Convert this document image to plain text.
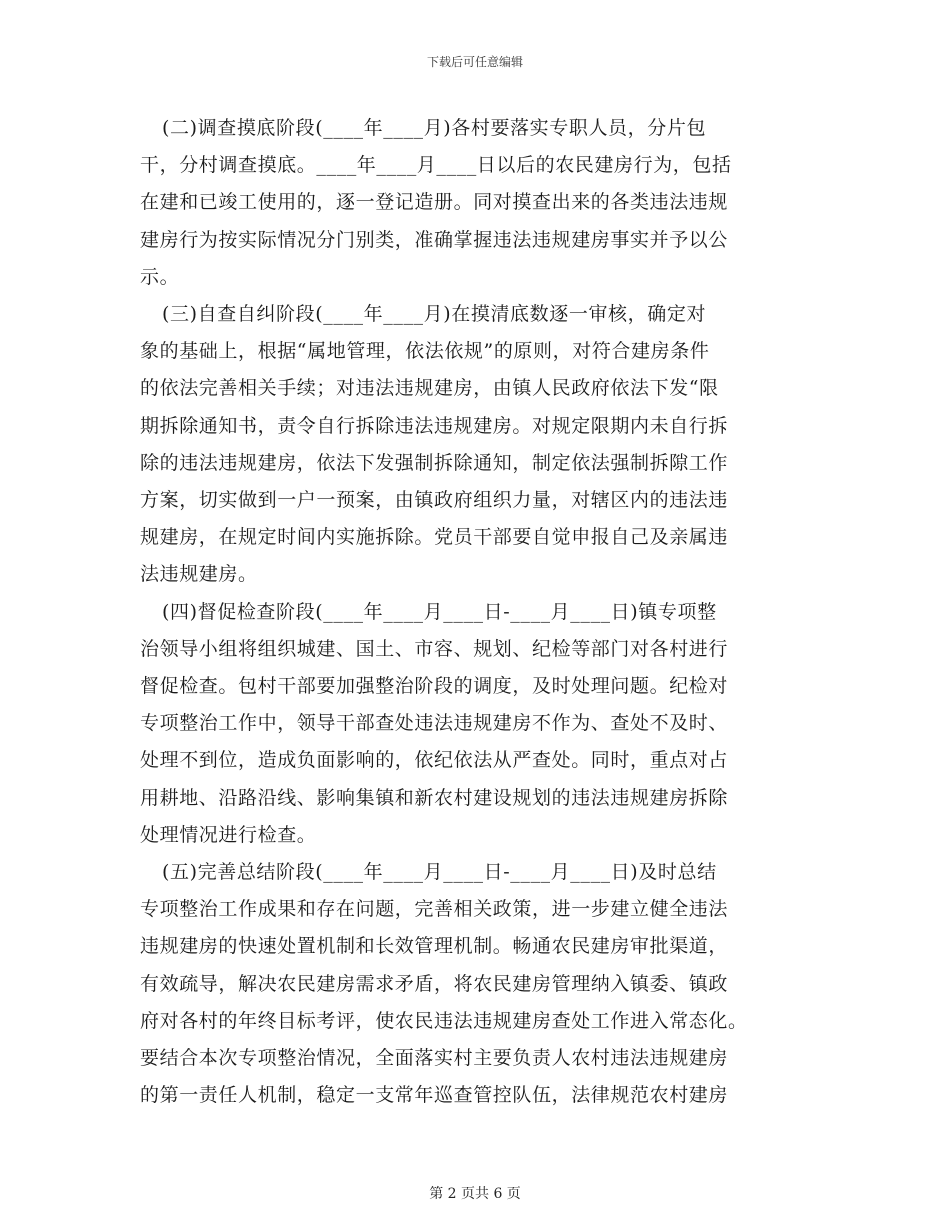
下载后可任意编辑
(二)调查摸底阶段(____年____月)各村要落实专职人员，分片包
干，分村调查摸底。____年____月____日以后的农民建房行为，包括
在建和已竣工使用的，逐一登记造册。同对摸查出来的各类违法违规
建房行为按实际情况分门别类，准确掌握违法违规建房事实并予以公
示。
(三)自查自纠阶段(____年____月)在摸清底数逐一审核，确定对
象的基础上，根据“属地管理，依法依规”的原则，对符合建房条件
的依法完善相关手续；对违法违规建房，由镇人民政府依法下发“限
期拆除通知书，责令自行拆除违法违规建房。对规定限期内未自行拆
除的违法违规建房，依法下发强制拆除通知，制定依法强制拆隙工作
方案，切实做到一户一预案，由镇政府组织力量，对辖区内的违法违
规建房，在规定时间内实施拆除。党员干部要自觉申报自己及亲属违
法违规建房。
(四)督促检查阶段(____年____月____日-____月____日)镇专项整
治领导小组将组织城建、国土、市容、规划、纪检等部门对各村进行
督促检查。包村干部要加强整治阶段的调度，及时处理问题。纪检对
专项整治工作中，领导干部查处违法违规建房不作为、查处不及时、
处理不到位，造成负面影响的，依纪依法从严查处。同时，重点对占
用耕地、沿路沿线、影响集镇和新农村建设规划的违法违规建房拆除
处理情况进行检查。
(五)完善总结阶段(____年____月____日-____月____日)及时总结
专项整治工作成果和存在问题，完善相关政策，进一步建立健全违法
违规建房的快速处置机制和长效管理机制。畅通农民建房审批渠道，
有效疏导，解决农民建房需求矛盾，将农民建房管理纳入镇委、镇政
府对各村的年终目标考评，使农民违法违规建房查处工作进入常态化。
要结合本次专项整治情况，全面落实村主要负责人农村违法违规建房
的第一责任人机制，稳定一支常年巡查管控队伍，法律规范农村建房
第 2 页共 6 页
